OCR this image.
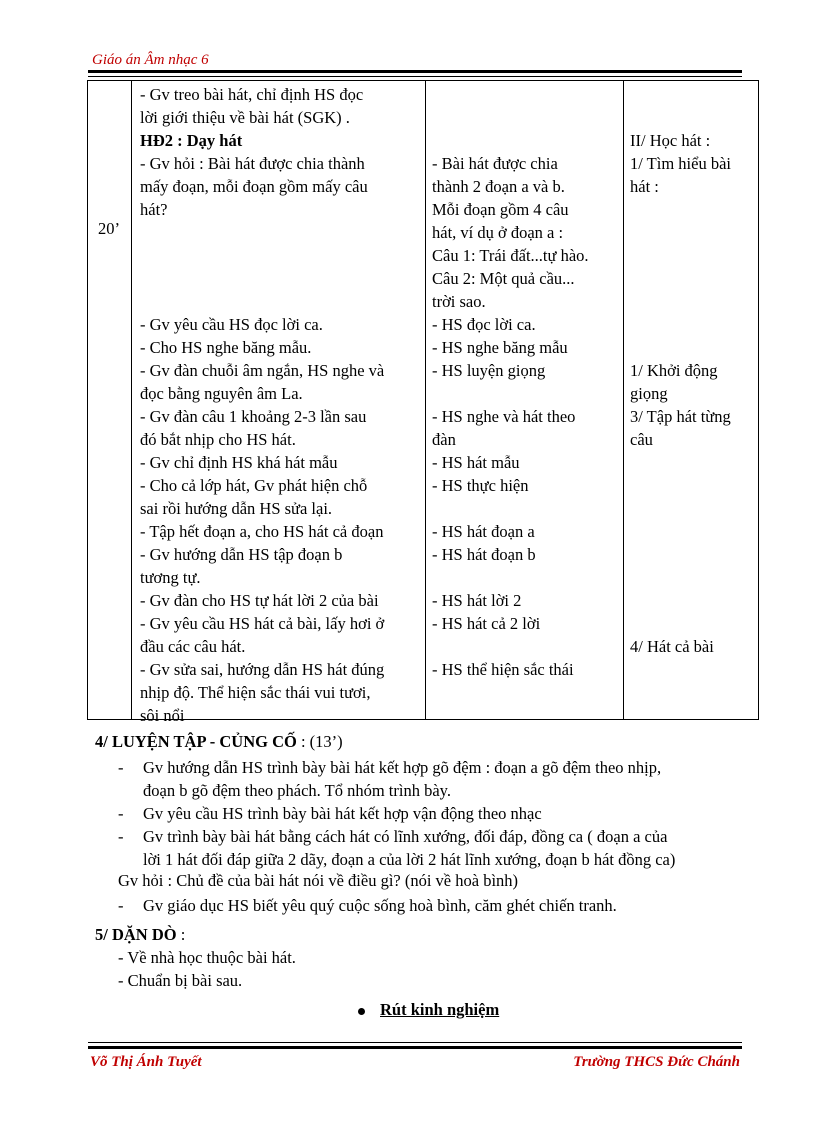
Giáo án Âm nhạc 6
20’
- Gv treo bài hát, chỉ định HS đọc
lời giới thiệu về bài hát (SGK) .
HĐ2 : Dạy hát
- Gv hỏi : Bài hát được chia thành
mấy đoạn, mỗi đoạn gồm mấy câu
hát?

- Gv yêu cầu HS đọc lời ca.
- Cho HS nghe băng mẫu.
- Gv đàn chuỗi âm ngắn, HS nghe và
đọc bằng nguyên âm La.
- Gv đàn câu 1 khoảng 2-3 lần sau
đó bắt nhịp cho HS hát.
- Gv chỉ định HS khá hát mẫu
- Cho cả lớp hát, Gv phát hiện chỗ
sai rồi hướng dẫn HS sửa lại.
- Tập hết đoạn a, cho HS hát cả đoạn
- Gv hướng dẫn HS tập đoạn b
tương tự.
- Gv đàn cho HS tự hát lời 2 của bài
- Gv yêu cầu HS hát cả bài, lấy hơi ở
đầu các câu hát.
- Gv sửa sai, hướng dẫn HS hát đúng
nhịp độ. Thể hiện sắc thái vui tươi,
sôi nổi

- Bài hát được chia
thành 2 đoạn a và b.
Mỗi đoạn gồm 4 câu
hát, ví dụ ở đoạn a :
Câu 1: Trái đất...tự hào.
Câu 2: Một quả cầu...
trời sao.
- HS đọc lời ca.
- HS nghe băng mẫu
- HS luyện giọng

- HS nghe và hát theo
đàn
- HS hát mẫu
- HS thực hiện

- HS hát đoạn a
- HS hát đoạn b

- HS hát lời 2
- HS hát cả 2 lời

- HS thể hiện sắc thái

II/ Học hát :
1/ Tìm hiểu bài
hát :

1/ Khởi động
giọng
3/ Tập hát từng
câu

4/ Hát cả bài

4/ LUYỆN TẬP - CỦNG CỐ : (13’)
- Gv hướng dẫn HS trình bày bài hát kết hợp gõ đệm : đoạn a gõ đệm theo nhịp,
đoạn b gõ đệm theo phách. Tổ nhóm trình bày.
- Gv yêu cầu HS trình bày bài hát kết hợp vận động theo nhạc
- Gv trình bày bài hát bằng cách hát có lĩnh xướng, đối đáp, đồng ca ( đoạn a của
lời 1 hát đối đáp giữa 2 dãy, đoạn a của lời 2 hát lĩnh xướng, đoạn b hát đồng ca)
Gv hỏi : Chủ đề của bài hát nói về điều gì? (nói về hoà bình)
- Gv giáo dục HS biết yêu quý cuộc sống hoà bình, căm ghét chiến tranh.
5/ DẶN DÒ :
- Về nhà học thuộc bài hát.
- Chuẩn bị bài sau.
Rút kinh nghiệm
Võ Thị Ánh Tuyết	Trường THCS Đức Chánh
